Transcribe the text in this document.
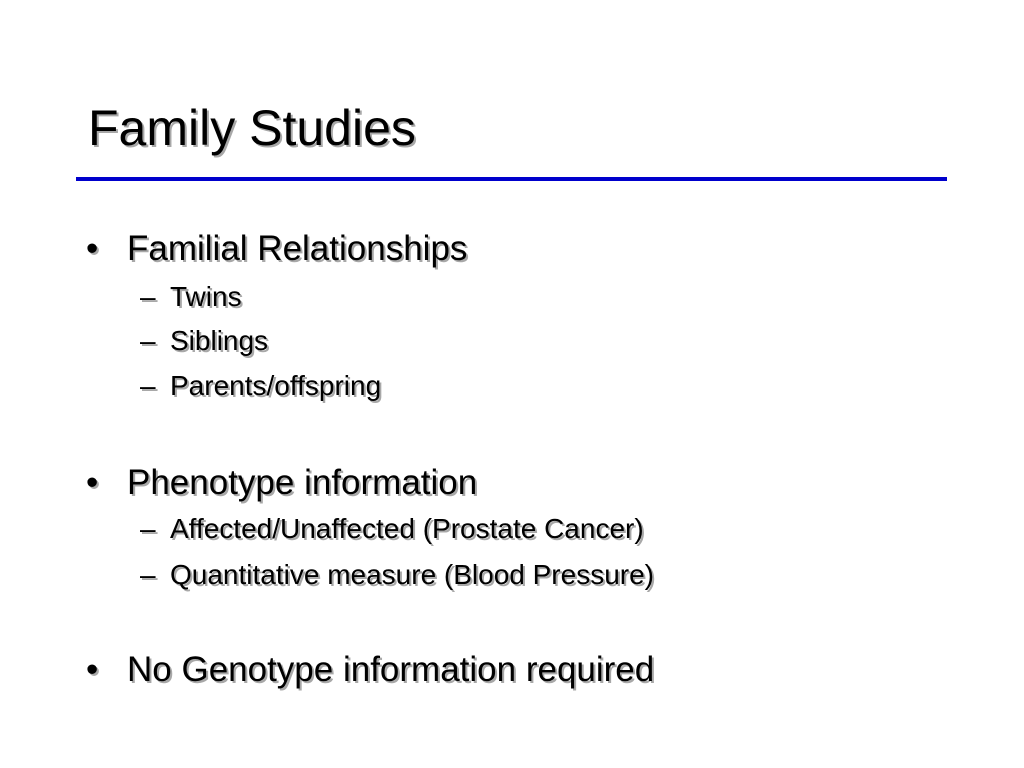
Family Studies
• Familial Relationships
– Twins
– Siblings
– Parents/offspring
• Phenotype information
– Affected/Unaffected (Prostate Cancer)
– Quantitative measure (Blood Pressure)
• No Genotype information required
